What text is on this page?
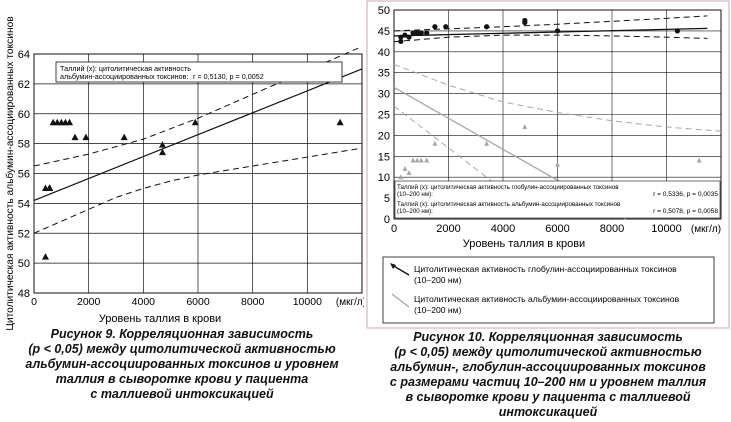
48
50
52
54
56
58
60
62
64
0	2000	4000	6000	8000	10000 (мкг/л)
Уровень таллия в крови
Цитолитическая активность альбумин-ассоциированных токсинов	Таллий (x): цитолитическая активность
альбумин-ассоциированных токсинов: r = 0,5130, p = 0,0052
0
5
10
15
20
25
30
35
40
45
50
0	2000	4000	6000	8000 10000 (мкг/л)
Уровень таллия в крови
Таллий (x): цитолитическая активность глобулин-ассоциированных токсинов
(10–200 нм):	r = 0,5336, p = 0,0035
Таллий (x): цитолитическая активность альбумин-ассоциированных токсинов
(10–200 нм):	r = 0,5078, p = 0,0058
Цитолитическая активность глобулин-ассоциированных токсинов
(10–200 нм)
Цитолитическая активность альбумин-ассоциированных токсинов
(10–200 нм)
Рисунок 9. Корреляционная зависимость
(р < 0,05) между цитолитической активностью
альбумин-ассоциированных токсинов и уровнем
таллия в сыворотке крови у пациента
с таллиевой интоксикацией
Рисунок 10. Корреляционная зависимость
(р < 0,05) между цитолитической активностью
альбумин-, глобулин-ассоциированных токсинов
с размерами частиц 10–200 нм и уровнем таллия
в сыворотке крови у пациента с таллиевой
интоксикацией
